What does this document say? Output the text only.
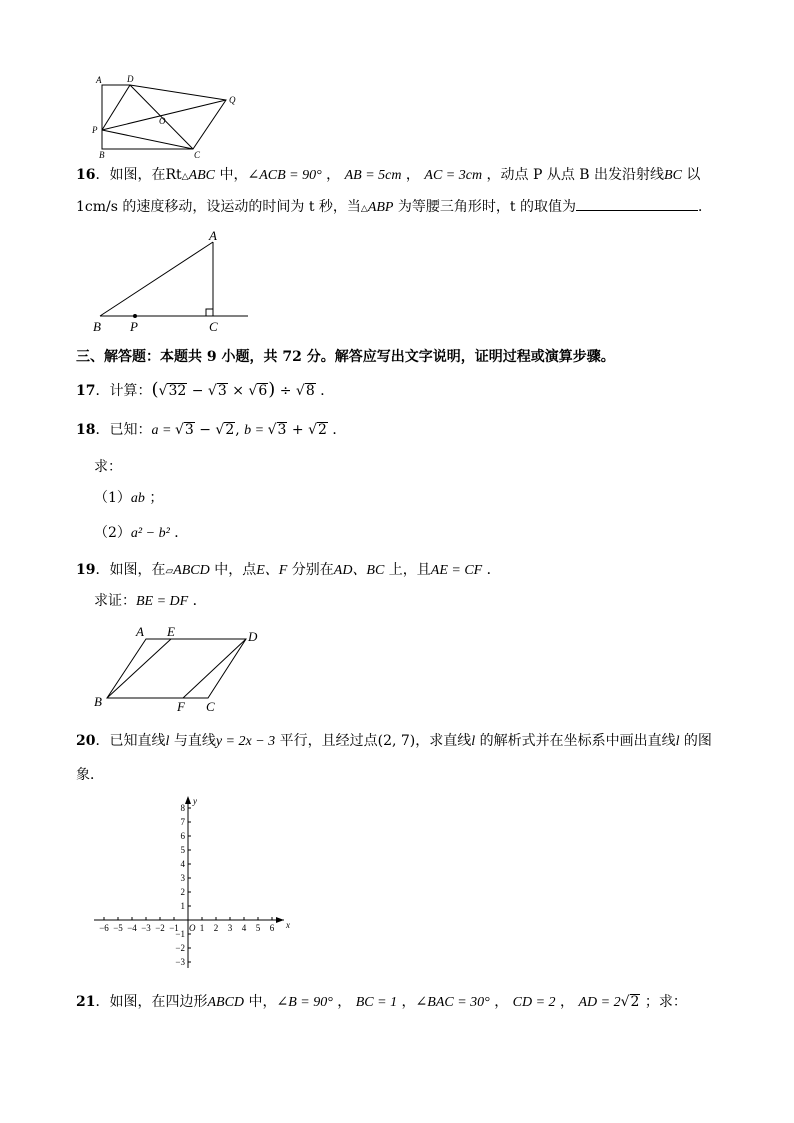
A	D
Q
O
P
B	C
16．如图，在Rt△ABC 中，∠ACB = 90° ， AB = 5cm ， AC = 3cm ，动点 P 从点 B 出发沿射线BC 以
1cm/s 的速度移动，设运动的时间为 t 秒，当△ABP 为等腰三角形时，t 的取值为	．
A
B P	C
三、解答题：本题共 9 小题，共 72 分。解答应写出文字说明，证明过程或演算步骤。
17．计算：(√32 − √3 × √6) ÷ √8 ．
18．已知：a = √3 − √2, b = √3 + √2 ．
求：
（1）ab ；
（2）a² − b² ．
19．如图，在▱ABCD 中，点E、F 分别在AD、BC 上，且AE = CF ．
求证：BE = DF ．
A E	D
B	F C
20．已知直线l 与直线y = 2x − 3 平行，且经过点(2, 7)，求直线l 的解析式并在坐标系中画出直线l 的图
象．
y
x
O
8
7
6
5
4
3
2
1
−1
−2
−3
−6 −5 −4 −3 −2 −1 1 2 3 4 5 6
21．如图，在四边形ABCD 中，∠B = 90° ， BC = 1 ，∠BAC = 30° ， CD = 2 ， AD = 2√2 ；求：
